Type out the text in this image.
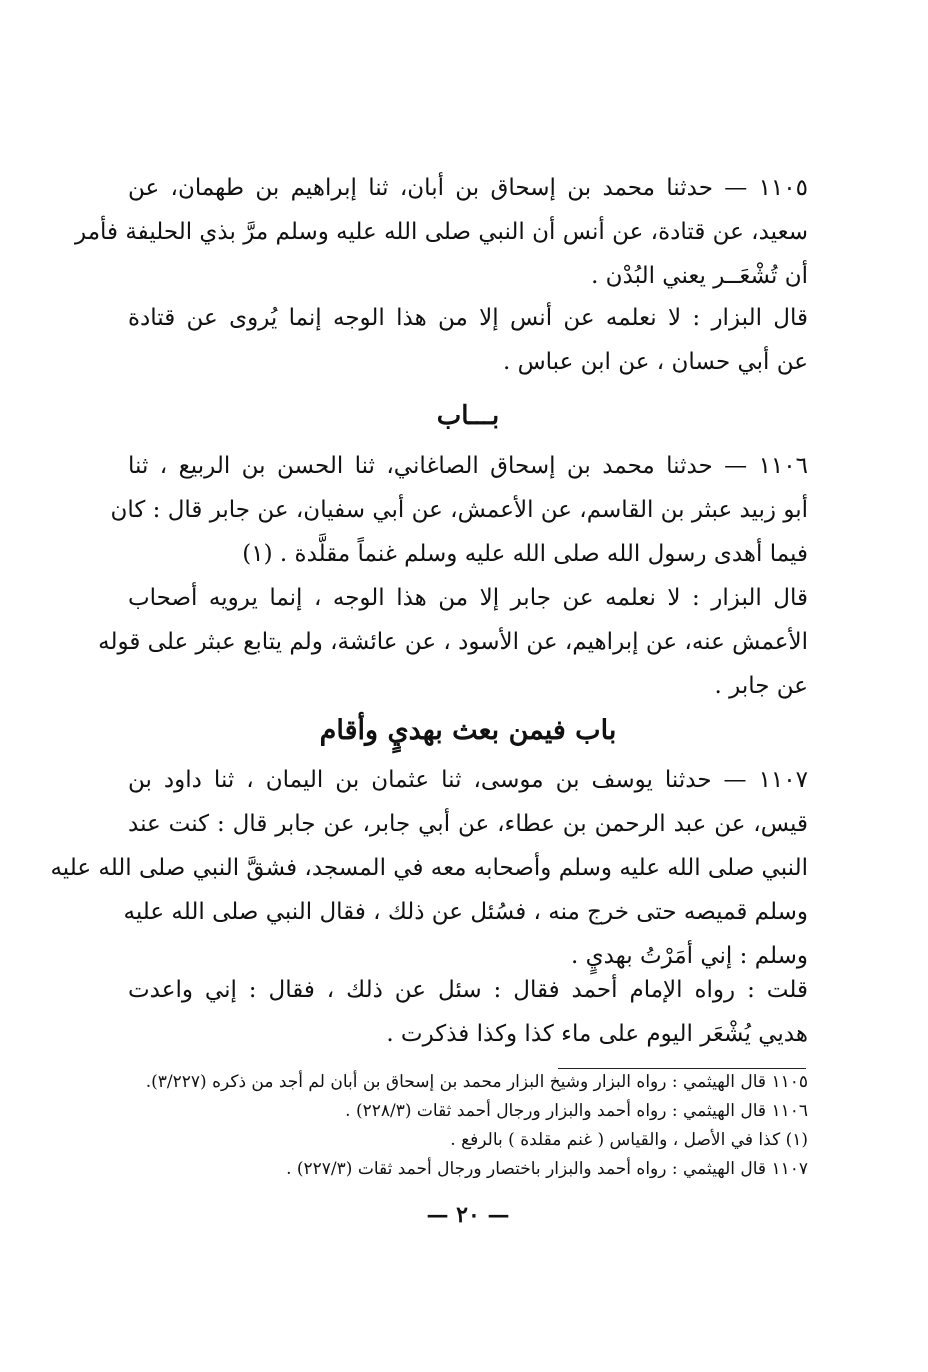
١١٠٥ — حدثنا محمد بن إسحاق بن أبان، ثنا إبراهيم بن طهمان، عن
سعيد، عن قتادة، عن أنس أن النبي صلى الله عليه وسلم مرَّ بذي الحليفة فأمر
أن تُشْعَــر يعني البُدْن .
قال البزار : لا نعلمه عن أنس إلا من هذا الوجه إنما يُروى عن قتادة
عن أبي حسان ، عن ابن عباس .
بـــاب
١١٠٦ — حدثنا محمد بن إسحاق الصاغاني، ثنا الحسن بن الربيع ، ثنا
أبو زبيد عبثر بن القاسم، عن الأعمش، عن أبي سفيان، عن جابر قال : كان
فيما أهدى رسول الله صلى الله عليه وسلم غنماً مقلَّدة . (١)
قال البزار : لا نعلمه عن جابر إلا من هذا الوجه ، إنما يرويه أصحاب
الأعمش عنه، عن إبراهيم، عن الأسود ، عن عائشة، ولم يتابع عبثر على قوله
عن جابر .
باب فيمن بعث بهديٍ وأقام
١١٠٧ — حدثنا يوسف بن موسى، ثنا عثمان بن اليمان ، ثنا داود بن
قيس، عن عبد الرحمن بن عطاء، عن أبي جابر، عن جابر قال : كنت عند
النبي صلى الله عليه وسلم وأصحابه معه في المسجد، فشقَّ النبي صلى الله عليه
وسلم قميصه حتى خرج منه ، فسُئل عن ذلك ، فقال النبي صلى الله عليه
وسلم : إني أمَرْتُ بهديٍ .
قلت : رواه الإمام أحمد فقال : سئل عن ذلك ، فقال : إني واعدت
هديي يُشْعَر اليوم على ماء كذا وكذا فذكرت .
١١٠٥ قال الهيثمي : رواه البزار وشيخ البزار محمد بن إسحاق بن أبان لم أجد من ذكره (٣/٢٢٧).
١١٠٦ قال الهيثمي : رواه أحمد والبزار ورجال أحمد ثقات (٢٢٨/٣) .
(١) كذا في الأصل ، والقياس ( غنم مقلدة ) بالرفع .
١١٠٧ قال الهيثمي : رواه أحمد والبزار باختصار ورجال أحمد ثقات (٢٢٧/٣) .
— ٢٠ —
